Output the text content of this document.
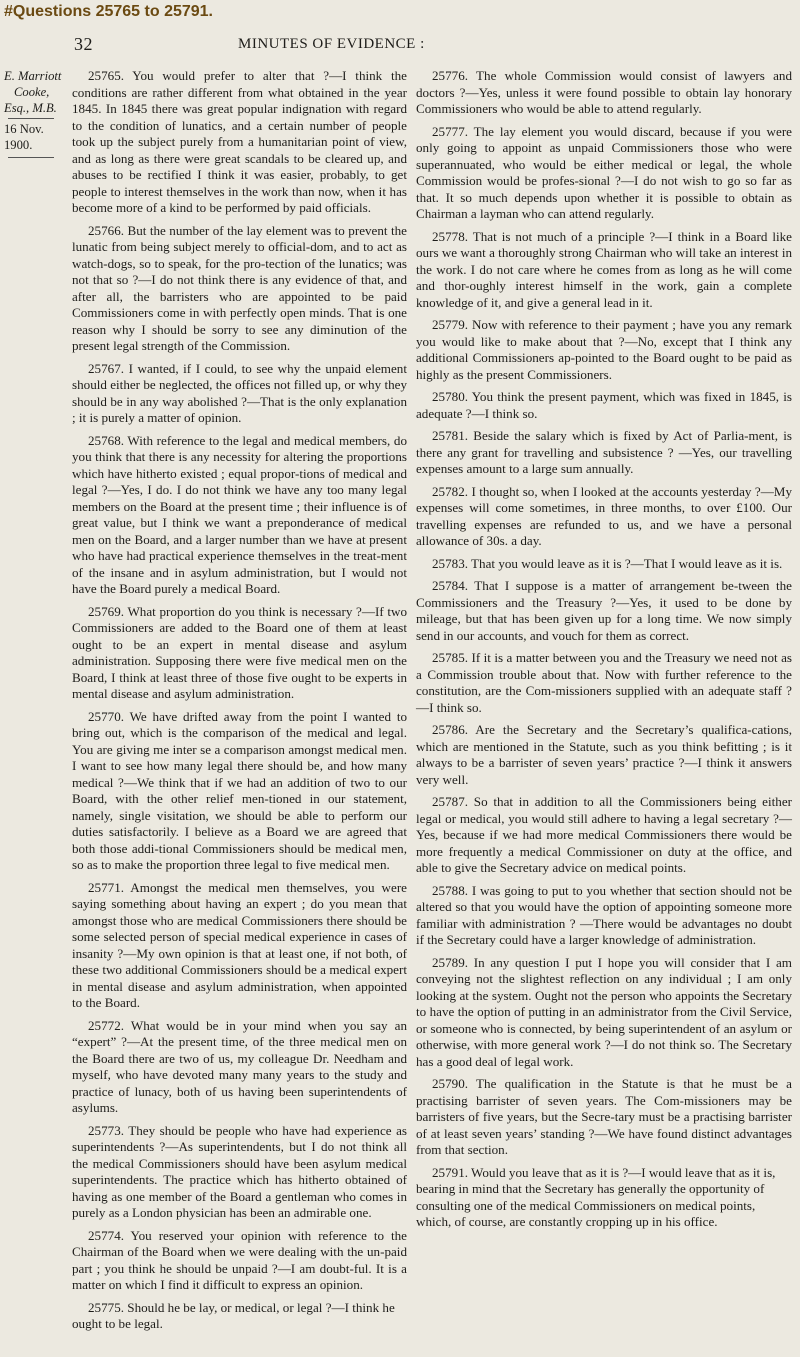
#Questions 25765 to 25791.
32	MINUTES OF EVIDENCE :
E. Marriott
Cooke,
Esq., M.B.
16 Nov. 1900.

25765. You would prefer to alter that ?—I think the conditions are rather different from what obtained in the year 1845. In 1845 there was great popular indignation with regard to the condition of lunatics, and a certain number of people took up the subject purely from a humanitarian point of view, and as long as there were great scandals to be cleared up, and abuses to be rectified I think it was easier, probably, to get people to interest themselves in the work than now, when it has become more of a kind to be performed by paid officials.

25766. But the number of the lay element was to prevent the lunatic from being subject merely to official-dom, and to act as watch-dogs, so to speak, for the pro-tection of the lunatics; was not that so ?—I do not think there is any evidence of that, and after all, the barristers who are appointed to be paid Commissioners come in with perfectly open minds. That is one reason why I should be sorry to see any diminution of the present legal strength of the Commission.

25767. I wanted, if I could, to see why the unpaid element should either be neglected, the offices not filled up, or why they should be in any way abolished ?—That is the only explanation ; it is purely a matter of opinion.

25768. With reference to the legal and medical members, do you think that there is any necessity for altering the proportions which have hitherto existed ; equal propor-tions of medical and legal ?—Yes, I do. I do not think we have any too many legal members on the Board at the present time ; their influence is of great value, but I think we want a preponderance of medical men on the Board, and a larger number than we have at present who have had practical experience themselves in the treat-ment of the insane and in asylum administration, but I would not have the Board purely a medical Board.

25769. What proportion do you think is necessary ?—If two Commissioners are added to the Board one of them at least ought to be an expert in mental disease and asylum administration. Supposing there were five medical men on the Board, I think at least three of those five ought to be experts in mental disease and asylum administration.

25770. We have drifted away from the point I wanted to bring out, which is the comparison of the medical and legal. You are giving me inter se a comparison amongst medical men. I want to see how many legal there should be, and how many medical ?—We think that if we had an addition of two to our Board, with the other relief men-tioned in our statement, namely, single visitation, we should be able to perform our duties satisfactorily. I believe as a Board we are agreed that both those addi-tional Commissioners should be medical men, so as to make the proportion three legal to five medical men.

25771. Amongst the medical men themselves, you were saying something about having an expert ; do you mean that amongst those who are medical Commissioners there should be some selected person of special medical experience in cases of insanity ?—My own opinion is that at least one, if not both, of these two additional Commissioners should be a medical expert in mental disease and asylum administration, when appointed to the Board.

25772. What would be in your mind when you say an “expert” ?—At the present time, of the three medical men on the Board there are two of us, my colleague Dr. Needham and myself, who have devoted many many years to the study and practice of lunacy, both of us having been superintendents of asylums.

25773. They should be people who have had experience as superintendents ?—As superintendents, but I do not think all the medical Commissioners should have been asylum medical superintendents. The practice which has hitherto obtained of having as one member of the Board a gentleman who comes in purely as a London physician has been an admirable one.

25774. You reserved your opinion with reference to the Chairman of the Board when we were dealing with the un-paid part ; you think he should be unpaid ?—I am doubt-ful. It is a matter on which I find it difficult to express an opinion.

25775. Should he be lay, or medical, or legal ?—I think he ought to be legal.

25776. The whole Commission would consist of lawyers and doctors ?—Yes, unless it were found possible to obtain lay honorary Commissioners who would be able to attend regularly.

25777. The lay element you would discard, because if you were only going to appoint as unpaid Commissioners those who were superannuated, who would be either medical or legal, the whole Commission would be profes-sional ?—I do not wish to go so far as that. It so much depends upon whether it is possible to obtain as Chairman a layman who can attend regularly.

25778. That is not much of a principle ?—I think in a Board like ours we want a thoroughly strong Chairman who will take an interest in the work. I do not care where he comes from as long as he will come and thor-oughly interest himself in the work, gain a complete knowledge of it, and give a general lead in it.

25779. Now with reference to their payment ; have you any remark you would like to make about that ?—No, except that I think any additional Commissioners ap-pointed to the Board ought to be paid as highly as the present Commissioners.

25780. You think the present payment, which was fixed in 1845, is adequate ?—I think so.

25781. Beside the salary which is fixed by Act of Parlia-ment, is there any grant for travelling and subsistence ? —Yes, our travelling expenses amount to a large sum annually.

25782. I thought so, when I looked at the accounts yesterday ?—My expenses will come sometimes, in three months, to over £100. Our travelling expenses are refunded to us, and we have a personal allowance of 30s. a day.

25783. That you would leave as it is ?—That I would leave as it is.

25784. That I suppose is a matter of arrangement be-tween the Commissioners and the Treasury ?—Yes, it used to be done by mileage, but that has been given up for a long time. We now simply send in our accounts, and vouch for them as correct.

25785. If it is a matter between you and the Treasury we need not as a Commission trouble about that. Now with further reference to the constitution, are the Com-missioners supplied with an adequate staff ?—I think so.

25786. Are the Secretary and the Secretary’s qualifica-cations, which are mentioned in the Statute, such as you think befitting ; is it always to be a barrister of seven years’ practice ?—I think it answers very well.

25787. So that in addition to all the Commissioners being either legal or medical, you would still adhere to having a legal secretary ?—Yes, because if we had more medical Commissioners there would be more frequently a medical Commissioner on duty at the office, and able to give the Secretary advice on medical points.

25788. I was going to put to you whether that section should not be altered so that you would have the option of appointing someone more familiar with administration ? —There would be advantages no doubt if the Secretary could have a larger knowledge of administration.

25789. In any question I put I hope you will consider that I am conveying not the slightest reflection on any individual ; I am only looking at the system. Ought not the person who appoints the Secretary to have the option of putting in an administrator from the Civil Service, or someone who is connected, by being superintendent of an asylum or otherwise, with more general work ?—I do not think so. The Secretary has a good deal of legal work.

25790. The qualification in the Statute is that he must be a practising barrister of seven years. The Com-missioners may be barristers of five years, but the Secre-tary must be a practising barrister of at least seven years’ standing ?—We have found distinct advantages from that section.

25791. Would you leave that as it is ?—I would leave that as it is, bearing in mind that the Secretary has generally the opportunity of consulting one of the medical Commissioners on medical points, which, of course, are constantly cropping up in his office.
